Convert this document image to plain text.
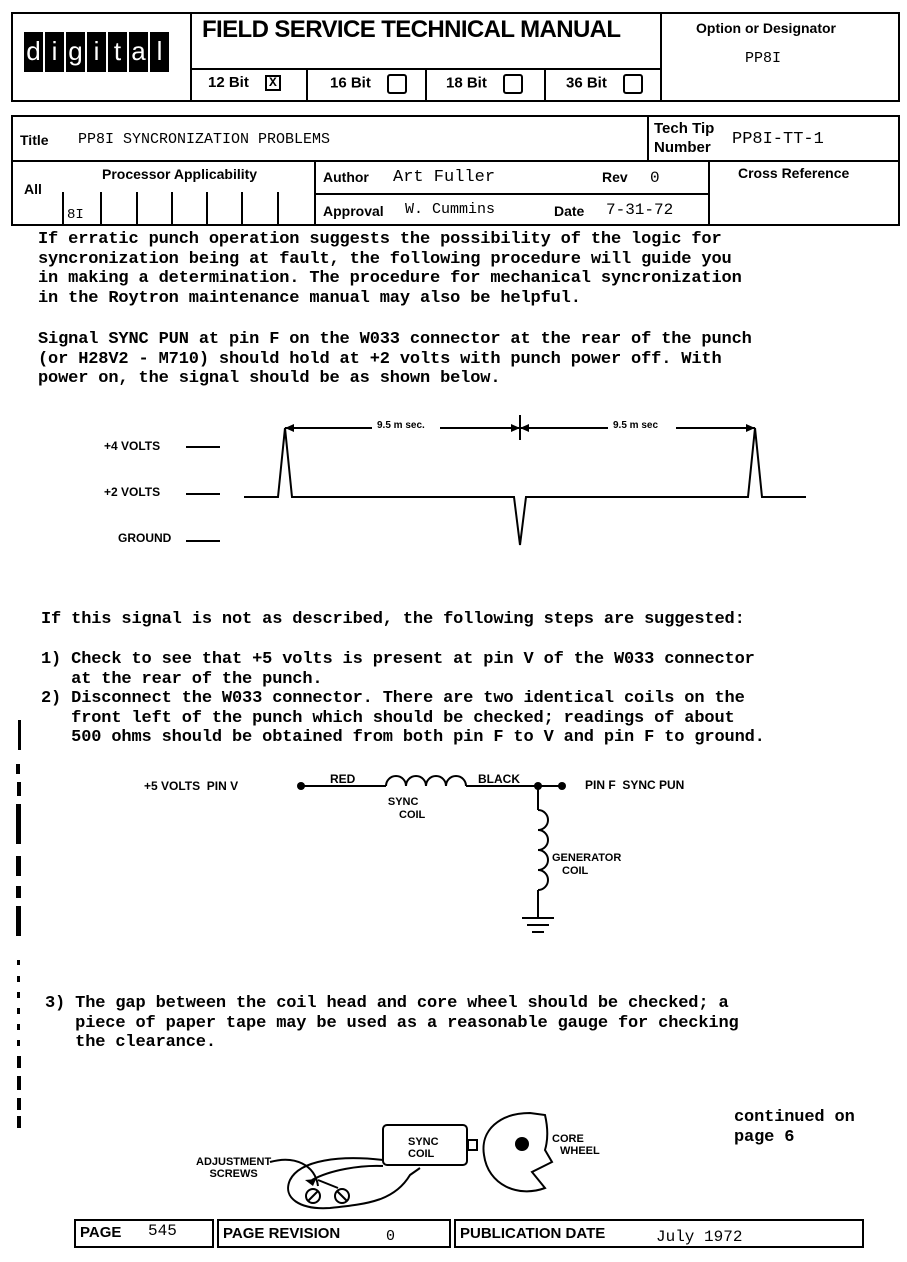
d i g i t a l
FIELD SERVICE TECHNICAL MANUAL
12 Bit X	16 Bit	18 Bit	36 Bit
Option or Designator
PP8I
Title PP8I SYNCRONIZATION PROBLEMS
Tech Tip
Number PP8I-TT-1
All
Processor Applicability
8I
Author Art Fuller	Rev 0	Cross Reference
Approval W. Cummins	Date 7-31-72
If erratic punch operation suggests the possibility of the logic for
syncronization being at fault, the following procedure will guide you
in making a determination. The procedure for mechanical syncronization
in the Roytron maintenance manual may also be helpful.
Signal SYNC PUN at pin F on the W033 connector at the rear of the punch
(or H28V2 - M710) should hold at +2 volts with punch power off. With
power on, the signal should be as shown below.
+4 VOLTS
+2 VOLTS
GROUND
9.5 m sec.	9.5 m sec
If this signal is not as described, the following steps are suggested:
1) Check to see that +5 volts is present at pin V of the W033 connector
at the rear of the punch.
2) Disconnect the W033 connector. There are two identical coils on the
front left of the punch which should be checked; readings of about
500 ohms should be obtained from both pin F to V and pin F to ground.
+5 VOLTS  PIN V	RED	BLACK	PIN F  SYNC PUN
SYNC
COIL
GENERATOR
COIL
3) The gap between the coil head and core wheel should be checked; a
piece of paper tape may be used as a reasonable gauge for checking
the clearance.
continued on
page 6
ADJUSTMENT
SCREWS
SYNC
COIL
CORE
WHEEL
PAGE 545	PAGE REVISION	0	PUBLICATION DATE	July 1972
